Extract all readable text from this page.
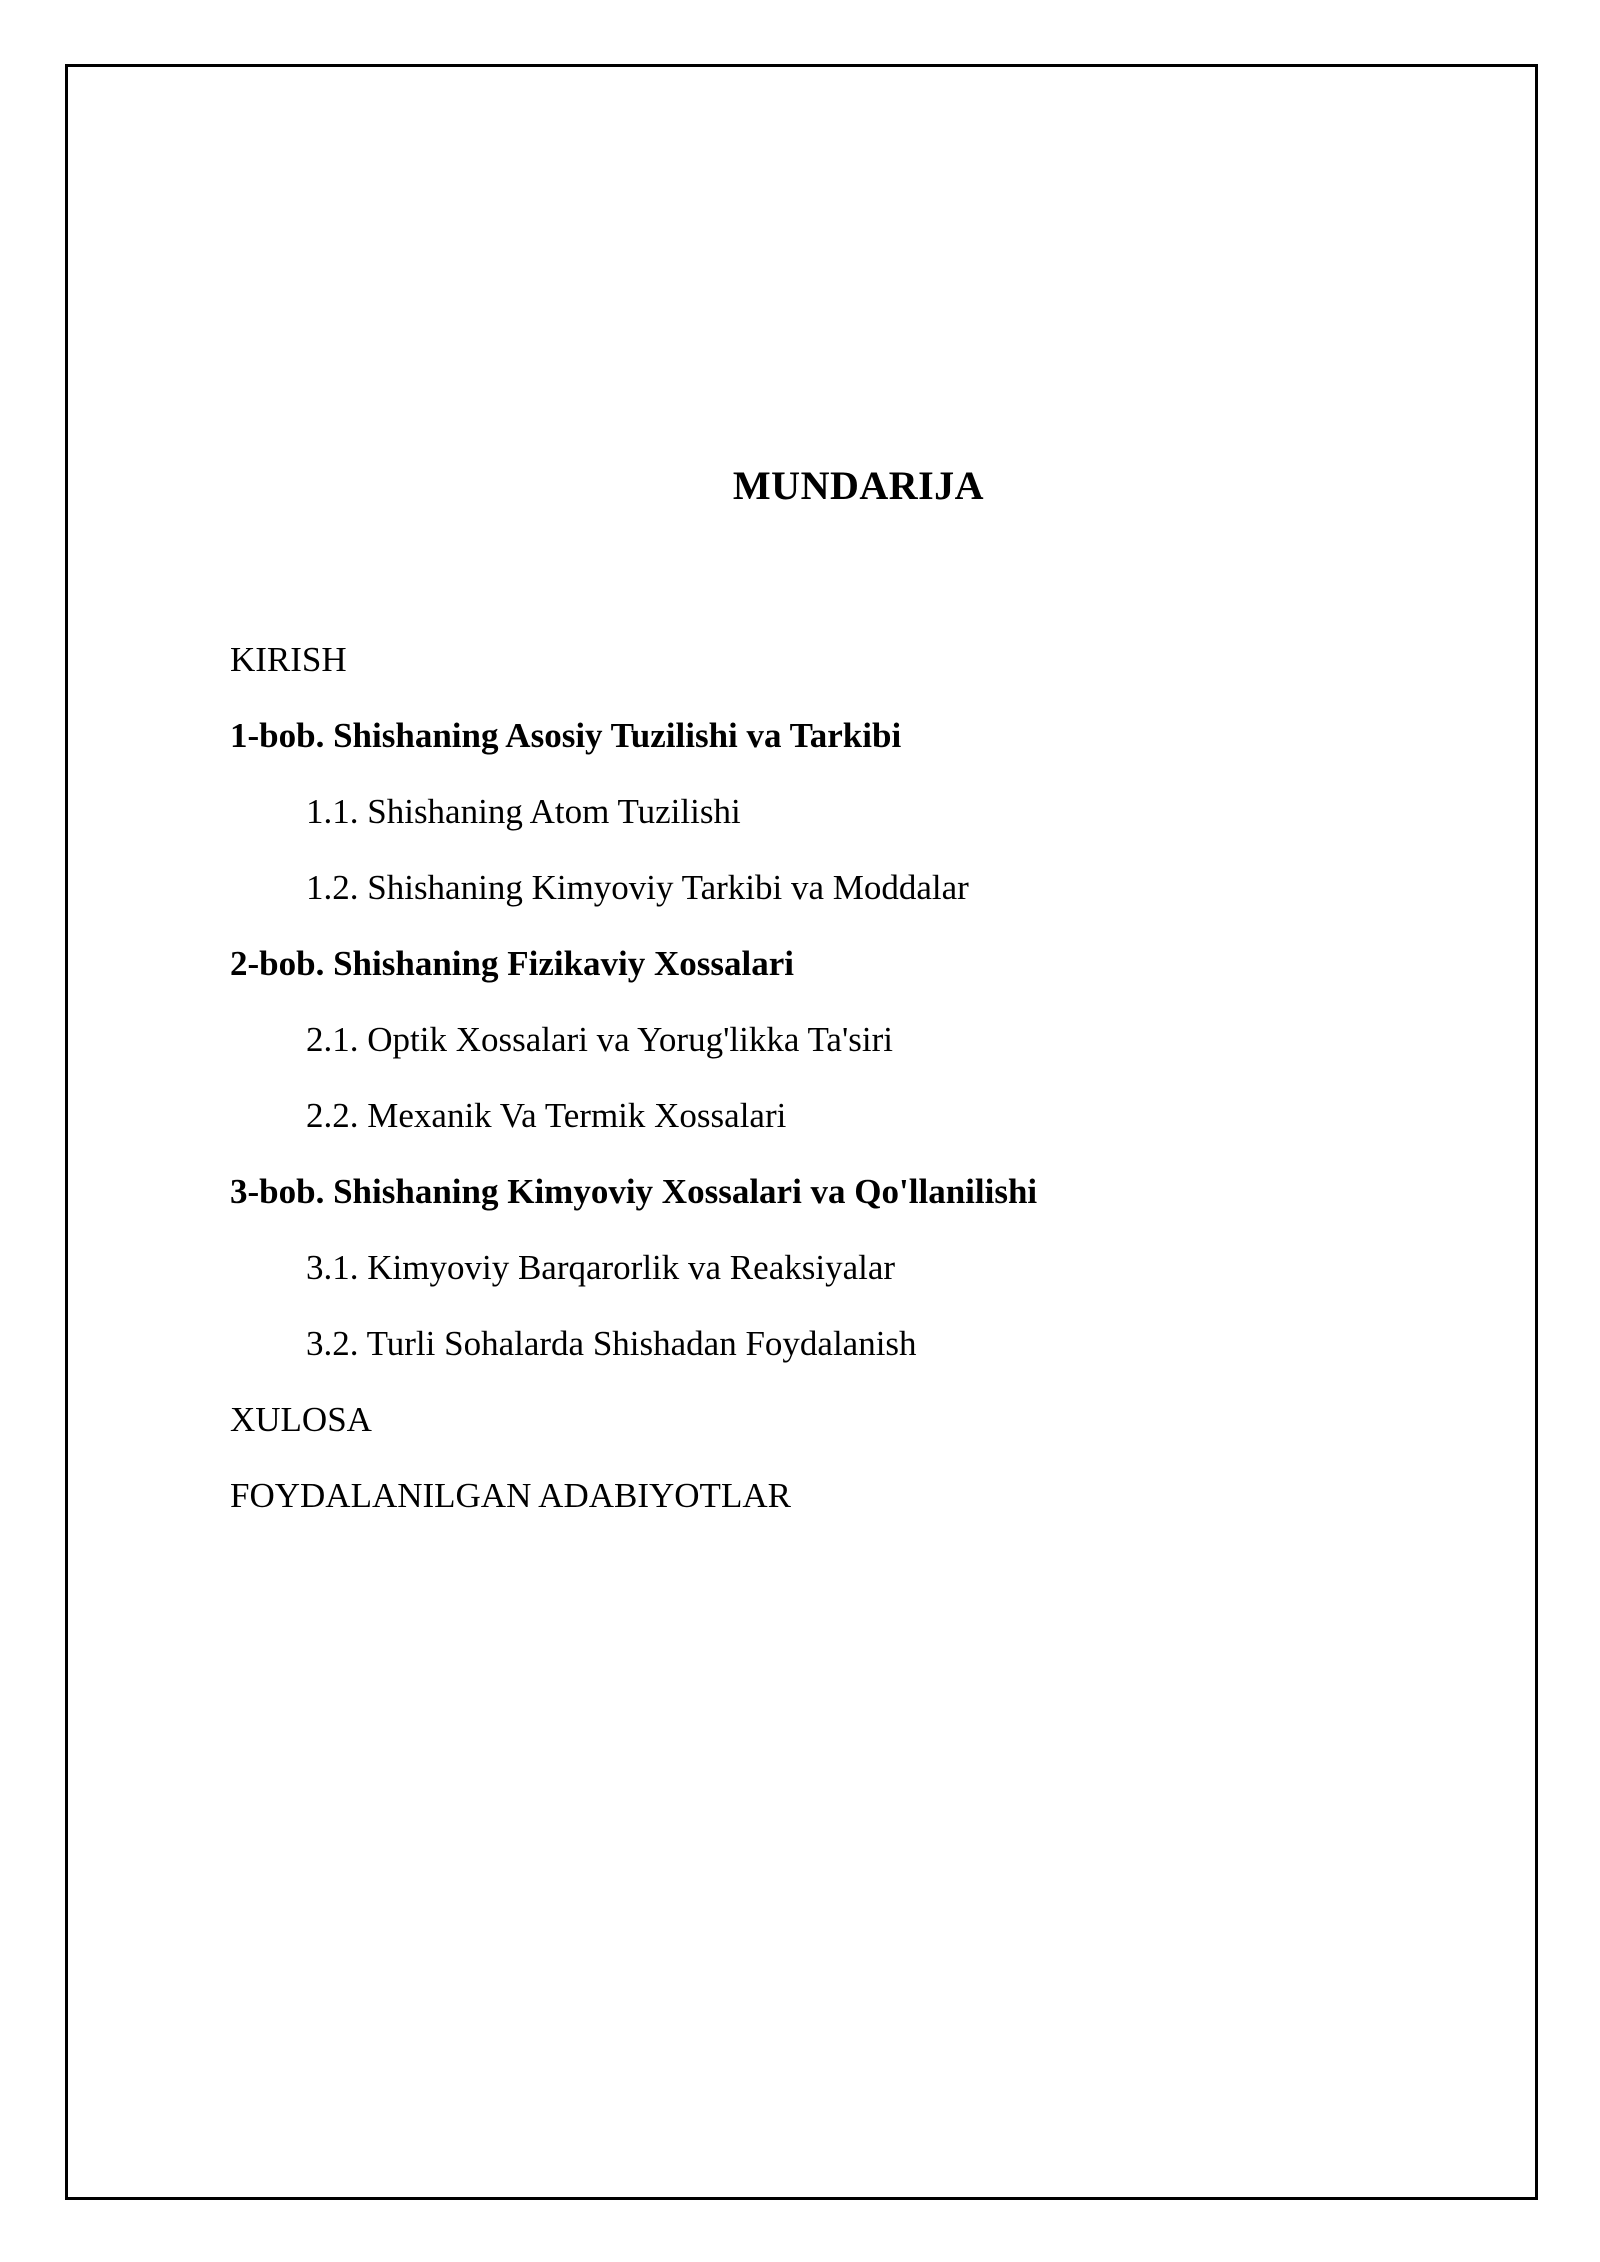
MUNDARIJA
KIRISH
1-bob. Shishaning Asosiy Tuzilishi va Tarkibi
1.1. Shishaning Atom Tuzilishi
1.2. Shishaning Kimyoviy Tarkibi va Moddalar
2-bob. Shishaning Fizikaviy Xossalari
2.1. Optik Xossalari va Yorug'likka Ta'siri
2.2. Mexanik Va Termik Xossalari
3-bob. Shishaning Kimyoviy Xossalari va Qo'llanilishi
3.1. Kimyoviy Barqarorlik va Reaksiyalar
3.2. Turli Sohalarda Shishadan Foydalanish
XULOSA
FOYDALANILGAN ADABIYOTLAR
